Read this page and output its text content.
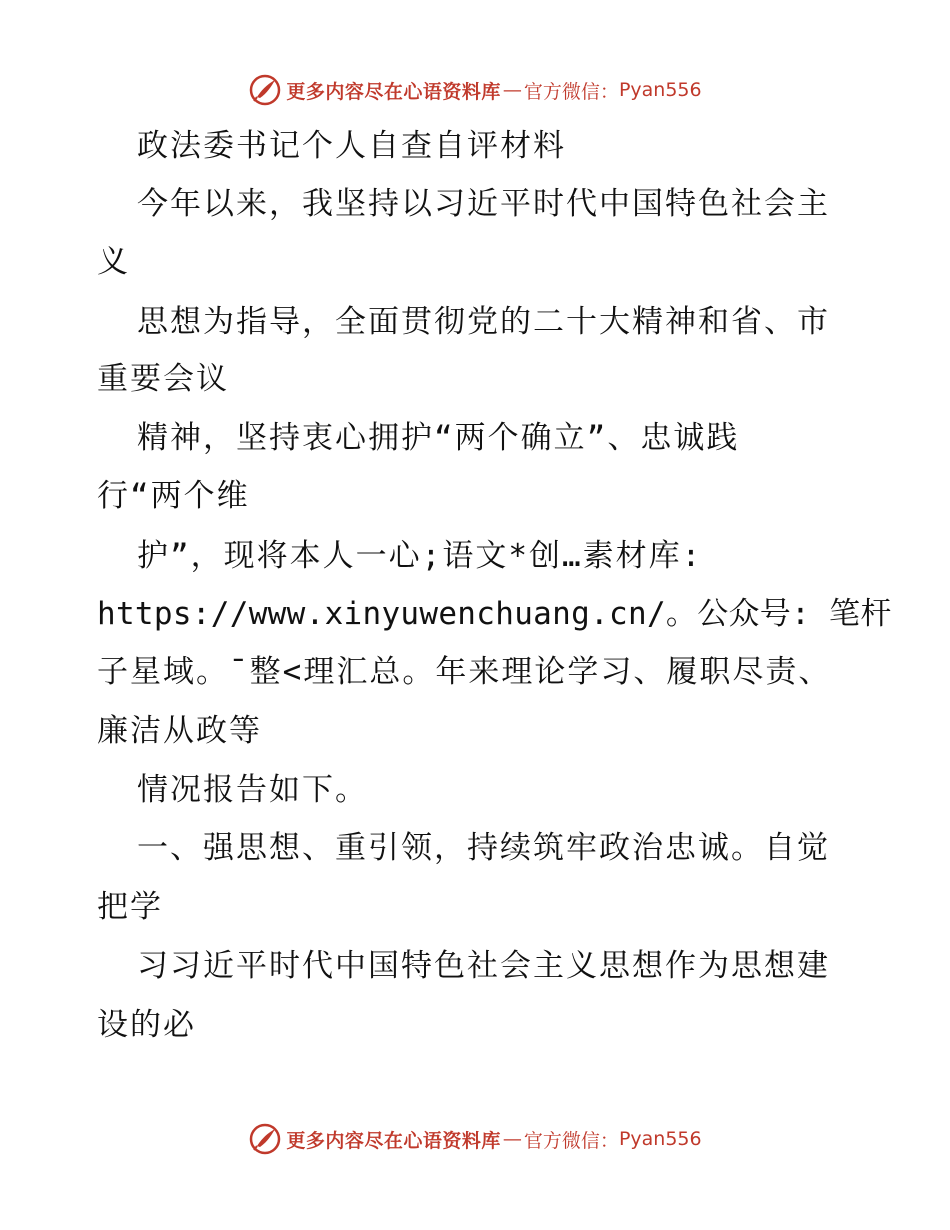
更多内容尽在心语资料库 — 官方微信： Pyan556
政法委书记个人自查自评材料
今年以来，我坚持以习近平时代中国特色社会主
义
思想为指导，全面贯彻党的二十大精神和省、市
重要会议
精神，坚持衷心拥护“两个确立”、忠诚践
行“两个维
护”，现将本人一心;语文*创…素材库:
https://www.xinyuwenchuang.cn/。公众号: 笔杆
子星域。¯整<理汇总。年来理论学习、履职尽责、
廉洁从政等
情况报告如下。
一、强思想、重引领，持续筑牢政治忠诚。自觉
把学
习习近平时代中国特色社会主义思想作为思想建
设的必
更多内容尽在心语资料库 — 官方微信： Pyan556
